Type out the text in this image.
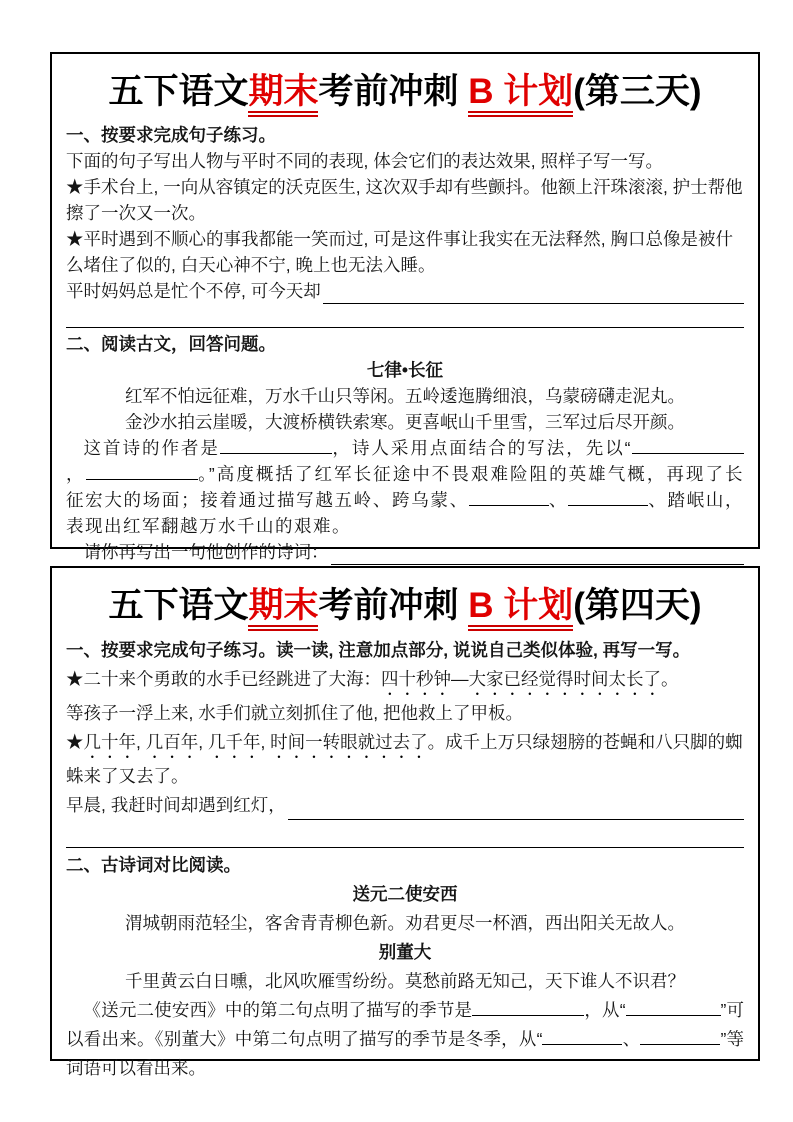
五下语文期末考前冲刺 B 计划(第三天)

一、按要求完成句子练习。

下面的句子写出人物与平时不同的表现, 体会它们的表达效果, 照样子写一写。

★手术台上, 一向从容镇定的沃克医生, 这次双手却有些颤抖。他额上汗珠滚滚, 护士帮他擦了一次又一次。

★平时遇到不顺心的事我都能一笑而过, 可是这件事让我实在无法释然, 胸口总像是被什么堵住了似的, 白天心神不宁, 晚上也无法入睡。

平时妈妈总是忙个不停, 可今天却

二、阅读古文，回答问题。

七律•长征

红军不怕远征难，万水千山只等闲。五岭逶迤腾细浪，乌蒙磅礴走泥丸。

金沙水拍云崖暖，大渡桥横铁索寒。更喜岷山千里雪，三军过后尽开颜。

这首诗的作者是	，诗人采用点面结合的写法，先以“，	。”高度概括了红军长征途中不畏艰难险阻的英雄气概，再现了长征宏大的场面；接着通过描写越五岭、跨乌蒙、	、	、踏岷山，表现出红军翻越万水千山的艰难。

请你再写出一句他创作的诗词：

五下语文期末考前冲刺 B 计划(第四天)

一、按要求完成句子练习。读一读, 注意加点部分, 说说自己类似体验, 再写一写。

★二十来个勇敢的水手已经跳进了大海：四十秒钟—大家已经觉得时间太长了。

等孩子一浮上来, 水手们就立刻抓住了他, 把他救上了甲板。

★几十年, 几百年, 几千年, 时间一转眼就过去了。成千上万只绿翅膀的苍蝇和八只脚的蜘蛛来了又去了。

早晨, 我赶时间却遇到红灯，

二、古诗词对比阅读。

送元二使安西

渭城朝雨范轻尘，客舍青青柳色新。劝君更尽一杯酒，西出阳关无故人。

别董大

千里黄云白日曛，北风吹雁雪纷纷。莫愁前路无知己，天下谁人不识君？

《送元二使安西》中的第二句点明了描写的季节是	，从“	”可以看出来。《别董大》中第二句点明了描写的季节是冬季，从“	、	”等词语可以看出来。
